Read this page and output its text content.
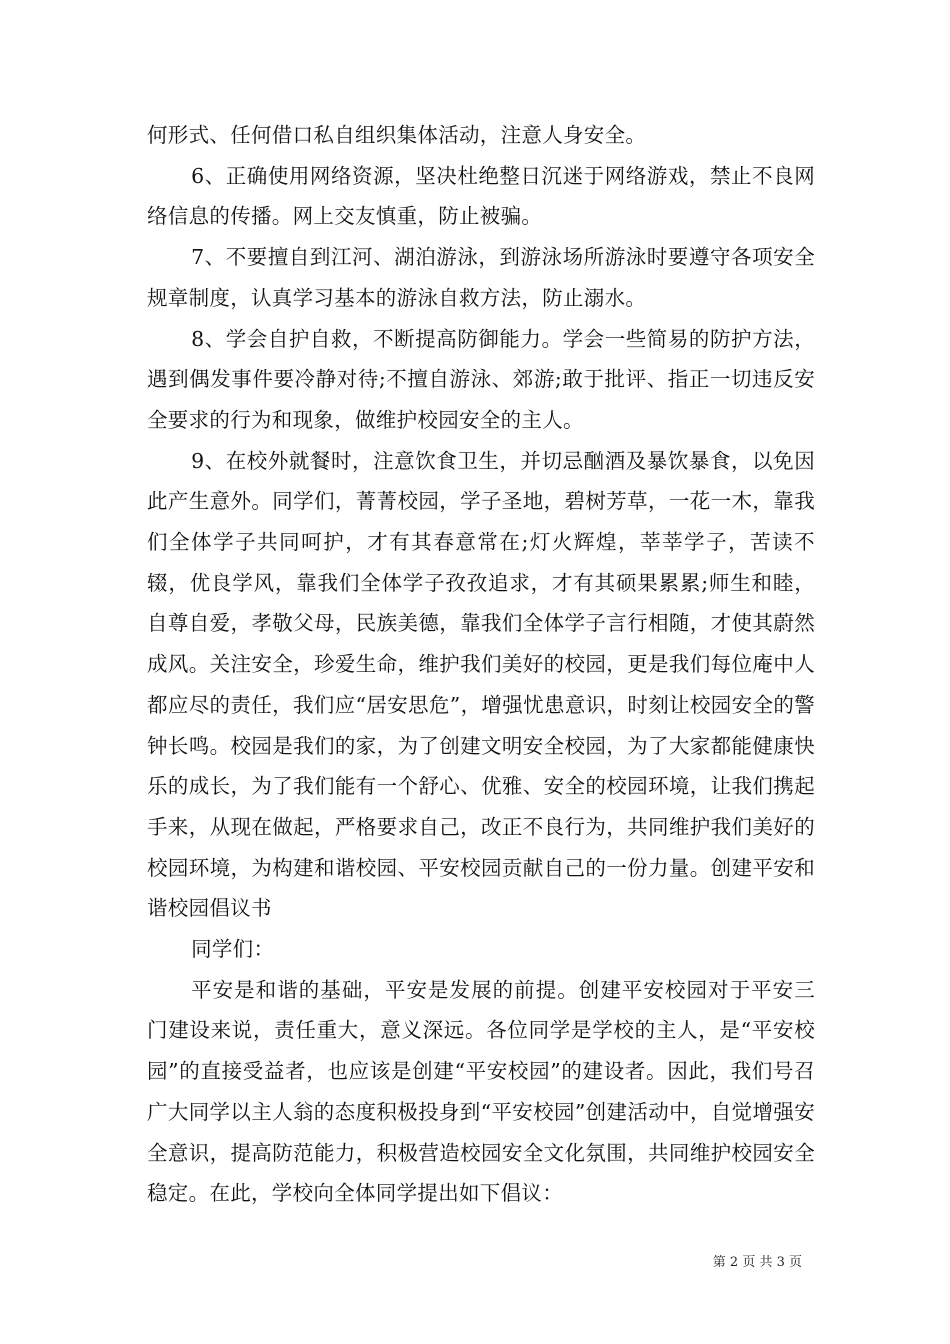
何形式、任何借口私自组织集体活动，注意人身安全。

6、正确使用网络资源，坚决杜绝整日沉迷于网络游戏，禁止不良网络信息的传播。网上交友慎重，防止被骗。

7、不要擅自到江河、湖泊游泳，到游泳场所游泳时要遵守各项安全规章制度，认真学习基本的游泳自救方法，防止溺水。

8、学会自护自救，不断提高防御能力。学会一些简易的防护方法，遇到偶发事件要冷静对待;不擅自游泳、郊游;敢于批评、指正一切违反安全要求的行为和现象，做维护校园安全的主人。

9、在校外就餐时，注意饮食卫生，并切忌酗酒及暴饮暴食，以免因此产生意外。同学们，菁菁校园，学子圣地，碧树芳草，一花一木，靠我们全体学子共同呵护，才有其春意常在;灯火辉煌，莘莘学子，苦读不辍，优良学风，靠我们全体学子孜孜追求，才有其硕果累累;师生和睦，自尊自爱，孝敬父母，民族美德，靠我们全体学子言行相随，才使其蔚然成风。关注安全，珍爱生命，维护我们美好的校园，更是我们每位庵中人都应尽的责任，我们应“居安思危”，增强忧患意识，时刻让校园安全的警钟长鸣。校园是我们的家，为了创建文明安全校园，为了大家都能健康快乐的成长，为了我们能有一个舒心、优雅、安全的校园环境，让我们携起手来，从现在做起，严格要求自己，改正不良行为，共同维护我们美好的校园环境，为构建和谐校园、平安校园贡献自己的一份力量。创建平安和谐校园倡议书

同学们：

平安是和谐的基础，平安是发展的前提。创建平安校园对于平安三门建设来说，责任重大，意义深远。各位同学是学校的主人，是“平安校园”的直接受益者，也应该是创建“平安校园”的建设者。因此，我们号召广大同学以主人翁的态度积极投身到“平安校园”创建活动中，自觉增强安全意识，提高防范能力，积极营造校园安全文化氛围，共同维护校园安全稳定。在此，学校向全体同学提出如下倡议：

第 2 页 共 3 页
